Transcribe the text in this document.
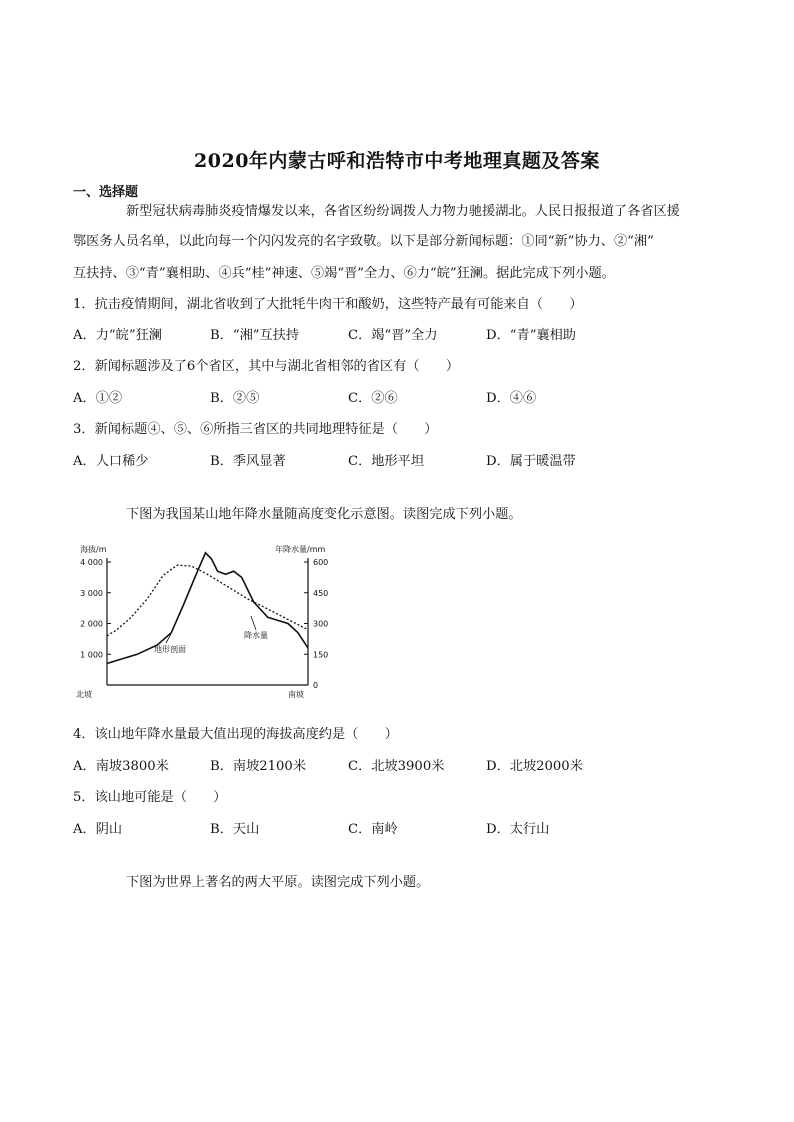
2020年内蒙古呼和浩特市中考地理真题及答案
一、选择题
新型冠状病毒肺炎疫情爆发以来，各省区纷纷调拨人力物力驰援湖北。人民日报报道了各省区援
鄂医务人员名单，以此向每一个闪闪发亮的名字致敬。以下是部分新闻标题：①同“新”协力、②“湘”
互扶持、③“青”襄相助、④兵“桂”神速、⑤竭“晋”全力、⑥力“皖”狂澜。据此完成下列小题。
1．抗击疫情期间，湖北省收到了大批牦牛肉干和酸奶，这些特产最有可能来自（　　）
A．力“皖”狂澜	B．“湘”互扶持	C．竭“晋”全力	D．“青”襄相助
2．新闻标题涉及了6个省区，其中与湖北省相邻的省区有（　　）
A．①②	B．②⑤	C．②⑥	D．④⑥
3．新闻标题④、⑤、⑥所指三省区的共同地理特征是（　　）
A．人口稀少	B．季风显著	C．地形平坦	D．属于暖温带
下图为我国某山地年降水量随高度变化示意图。读图完成下列小题。
海拔/m	年降水量/mm
4 000
3 000
2 000
1 000
600
450
300
150
0
北坡	南坡
地形剖面
降水量
4．该山地年降水量最大值出现的海拔高度约是（　　）
A．南坡3800米	B．南坡2100米	C．北坡3900米	D．北坡2000米
5．该山地可能是（　　）
A．阴山	B．天山	C．南岭	D．太行山
下图为世界上著名的两大平原。读图完成下列小题。
